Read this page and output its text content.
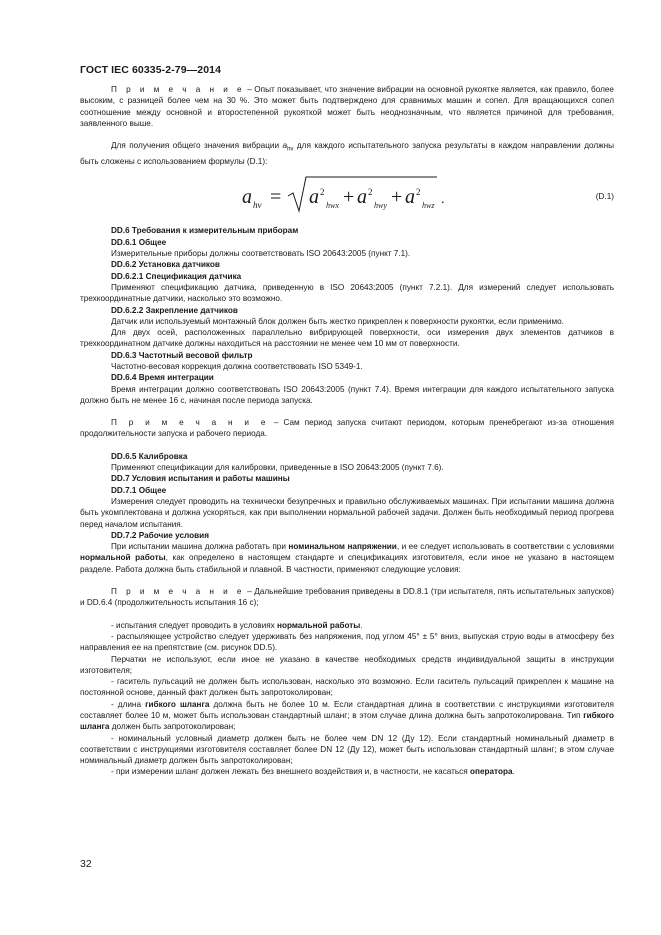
ГОСТ IEC 60335-2-79—2014

П р и м е ч а н и е – Опыт показывает, что значение вибрации на основной рукоятке является, как правило, более высоким, с разницей более чем на 30 %. Это может быть подтверждено для сравнимых машин и сопел. Для вращающихся сопел соотношение между основной и второстепенной рукояткой может быть неоднозначным, что является причиной для требования, заявленного выше.

Для получения общего значения вибрации $a_{hv}$ для каждого испытательного запуска результаты в каждом направлении должны быть сложены с использованием формулы (D.1):

a hv = a 2
hwx + a 2
hwy + a 2
hwz .	(D.1)
DD.6 Требования к измерительным приборам
DD.6.1 Общее

Измерительные приборы должны соответствовать ISO 20643:2005 (пункт 7.1).

DD.6.2 Установка датчиков
DD.6.2.1 Спецификация датчика

Применяют спецификацию датчика, приведенную в ISO 20643:2005 (пункт 7.2.1). Для измерений следует использовать трехкоординатные датчики, насколько это возможно.

DD.6.2.2 Закрепление датчиков

Датчик или используемый монтажный блок должен быть жестко прикреплен к поверхности рукоятки, если применимо.

Для двух осей, расположенных параллельно вибрирующей поверхности, оси измерения двух элементов датчиков в трехкоординатном датчике должны находиться на расстоянии не менее чем 10 мм от поверхности.

DD.6.3 Частотный весовой фильтр

Частотно-весовая коррекция должна соответствовать ISO 5349-1.

DD.6.4 Время интеграции

Время интеграции должно соответствовать ISO 20643:2005 (пункт 7.4). Время интеграции для каждого испытательного запуска должно быть не менее 16 с, начиная после периода запуска.

П р и м е ч а н и е – Сам период запуска считают периодом, которым пренебрегают из-за отношения продолжительности запуска и рабочего периода.

DD.6.5 Калибровка

Применяют спецификации для калибровки, приведенные в ISO 20643:2005 (пункт 7.6).

DD.7 Условия испытания и работы машины
DD.7.1 Общее

Измерения следует проводить на технически безупречных и правильно обслуживаемых машинах. При испытании машина должна быть укомплектована и должна ускоряться, как при выполнении нормальной рабочей задачи. Должен быть необходимый период прогрева перед началом испытания.

DD.7.2 Рабочие условия

При испытании машина должна работать при номинальном напряжении, и ее следует использовать в соответствии с условиями нормальной работы, как определено в настоящем стандарте и спецификациях изготовителя, если иное не указано в настоящем разделе. Работа должна быть стабильной и плавной. В частности, применяют следующие условия:

П р и м е ч а н и е – Дальнейшие требования приведены в DD.8.1 (три испытателя, пять испытательных запусков) и DD.6.4 (продолжительность испытания 16 с);

- испытания следует проводить в условиях нормальной работы.

- распыляющее устройство следует удерживать без напряжения, под углом 45° ± 5° вниз, выпуская струю воды в атмосферу без направления ее на препятствие (см. рисунок DD.5).

Перчатки не используют, если иное не указано в качестве необходимых средств индивидуальной защиты в инструкции изготовителя;

- гаситель пульсаций не должен быть использован, насколько это возможно. Если гаситель пульсаций прикреплен к машине на постоянной основе, данный факт должен быть запротоколирован;

- длина гибкого шланга должна быть не более 10 м. Если стандартная длина в соответствии с инструкциями изготовителя составляет более 10 м, может быть использован стандартный шланг; в этом случае длина должна быть запротоколирована. Тип гибкого шланга должен быть запротоколирован;

- номинальный условный диаметр должен быть не более чем DN 12 (Ду 12). Если стандартный номинальный диаметр в соответствии с инструкциями изготовителя составляет более DN 12 (Ду 12), может быть использован стандартный шланг; в этом случае номинальный диаметр должен быть запротоколирован;

- при измерении шланг должен лежать без внешнего воздействия и, в частности, не касаться оператора.

32
